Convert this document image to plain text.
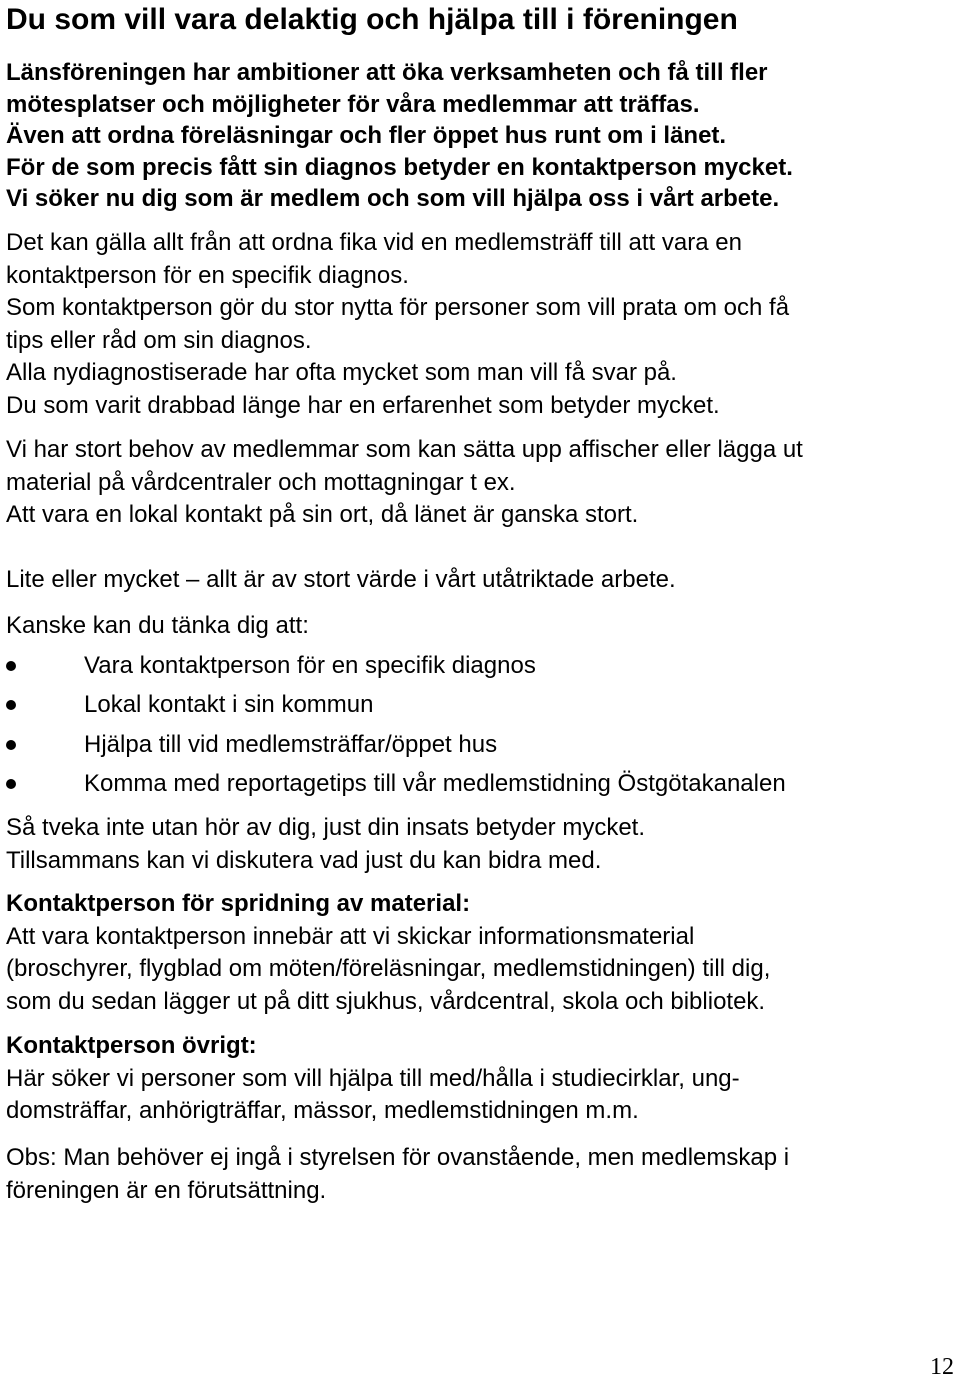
Du som vill vara delaktig och hjälpa till i föreningen

Länsföreningen har ambitioner att öka verksamheten och få till fler
mötesplatser och möjligheter för våra medlemmar att träffas.
Även att ordna föreläsningar och fler öppet hus runt om i länet.
För de som precis fått sin diagnos betyder en kontaktperson mycket.
Vi söker nu dig som är medlem och som vill hjälpa oss i vårt arbete.

Det kan gälla allt från att ordna fika vid en medlemsträff till att vara en
kontaktperson för en specifik diagnos.
Som kontaktperson gör du stor nytta för personer som vill prata om och få
tips eller råd om sin diagnos.
Alla nydiagnostiserade har ofta mycket som man vill få svar på.
Du som varit drabbad länge har en erfarenhet som betyder mycket.

Vi har stort behov av medlemmar som kan sätta upp affischer eller lägga ut
material på vårdcentraler och mottagningar t ex.
Att vara en lokal kontakt på sin ort, då länet är ganska stort.

Lite eller mycket – allt är av stort värde i vårt utåtriktade arbete.

Kanske kan du tänka dig att:

Vara kontaktperson för en specifik diagnos
Lokal kontakt i sin kommun
Hjälpa till vid medlemsträffar/öppet hus
Komma med reportagetips till vår medlemstidning Östgötakanalen

Så tveka inte utan hör av dig, just din insats betyder mycket.
Tillsammans kan vi diskutera vad just du kan bidra med.

Kontaktperson för spridning av material:
Att vara kontaktperson innebär att vi skickar informationsmaterial
(broschyrer, flygblad om möten/föreläsningar, medlemstidningen) till dig,
som du sedan lägger ut på ditt sjukhus, vårdcentral, skola och bibliotek.

Kontaktperson övrigt:
Här söker vi personer som vill hjälpa till med/hålla i studiecirklar, ung-
domsträffar, anhörigträffar, mässor, medlemstidningen m.m.

Obs: Man behöver ej ingå i styrelsen för ovanstående, men medlemskap i
föreningen är en förutsättning.

12
